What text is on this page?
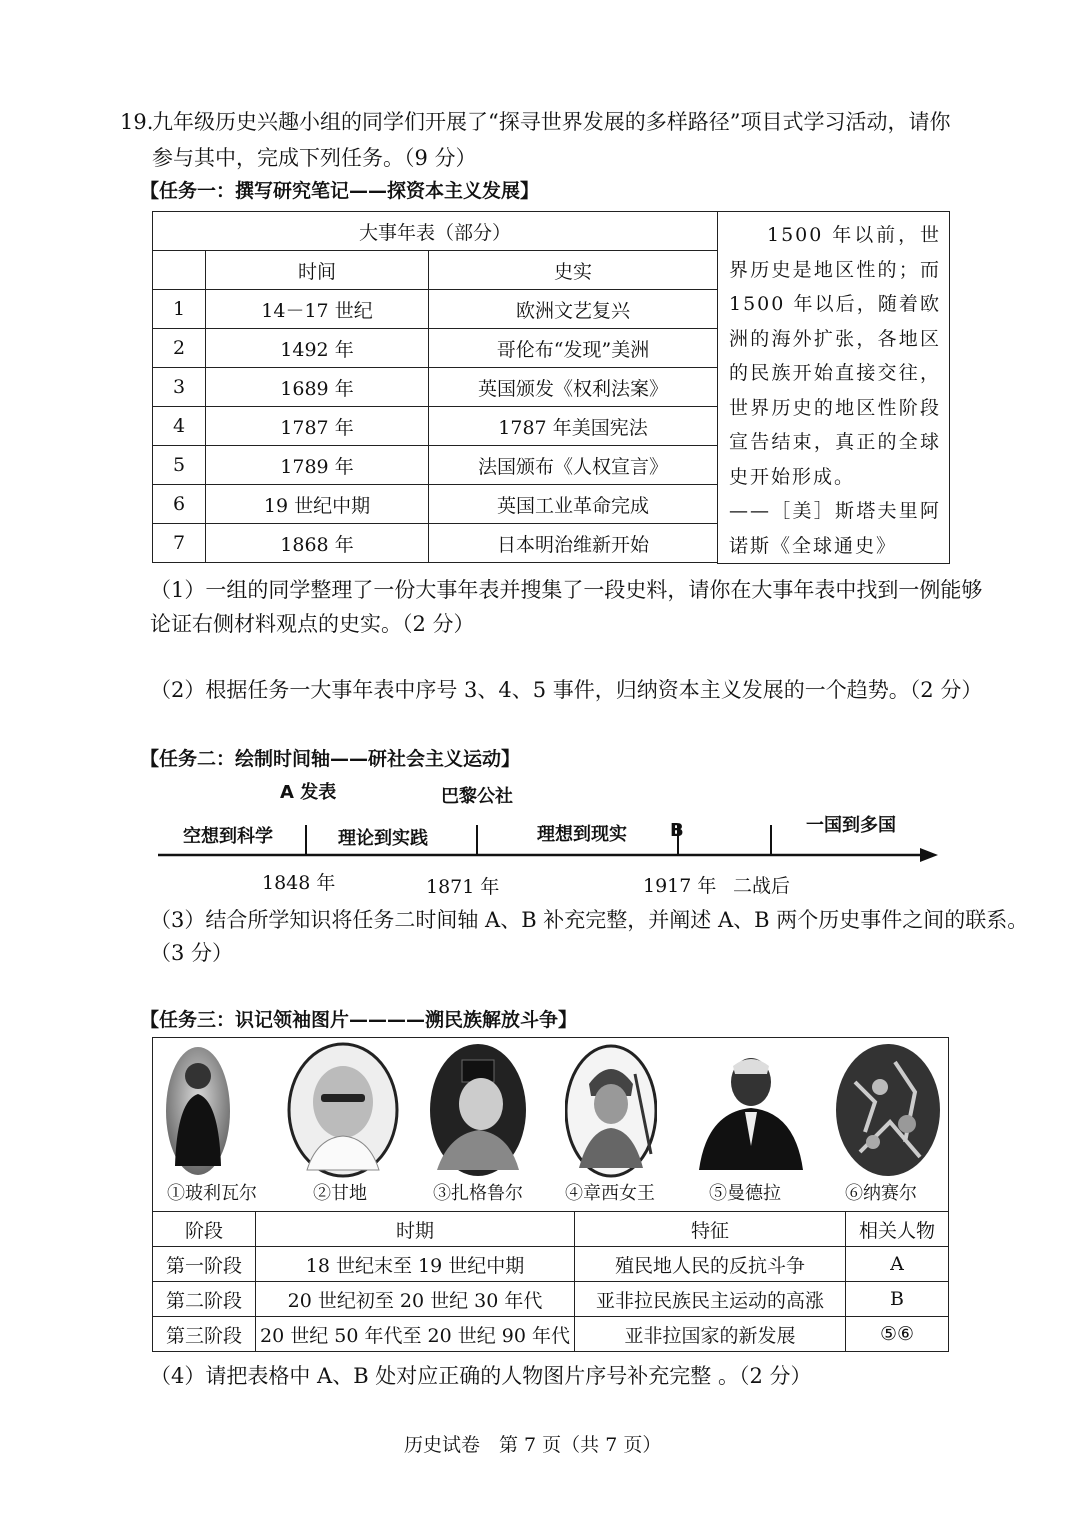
19.
九年级历史兴趣小组的同学们开展了“探寻世界发展的多样路径”项目式学习活动，请你
参与其中，完成下列任务。（9 分）
【任务一：撰写研究笔记——探资本主义发展】
大事年表（部分）		
	时间	史实
1	14－17 世纪	欧洲文艺复兴
2	1492 年	哥伦布“发现”美洲
3	1689 年	英国颁发《权利法案》
4	1787 年	1787 年美国宪法
5	1789 年	法国颁布《人权宣言》
6	19 世纪中期	英国工业革命完成
7	1868 年	日本明治维新开始
1500 年以前，世界历史是地区性的；而 1500 年以后，随着欧洲的海外扩张，各地区的民族开始直接交往，世界历史的地区性阶段宣告结束，真正的全球史开始形成。
——［美］斯塔夫里阿诺斯《全球通史》
（1）一组的同学整理了一份大事年表并搜集了一段史料，请你在大事年表中找到一例能够
论证右侧材料观点的史实。（2 分）
（2）根据任务一大事年表中序号 3、4、5 事件，归纳资本主义发展的一个趋势。（2 分）
【任务二：绘制时间轴——研社会主义运动】
A 发表	巴黎公社
B
空想到科学	理论到实践	理想到现实	一国到多国
1848 年	1871 年	1917 年 二战后
（3）结合所学知识将任务二时间轴 A、B 补充完整，并阐述 A、B 两个历史事件之间的联系。
（3 分）
【任务三：识记领袖图片————溯民族解放斗争】
①玻利瓦尔	②甘地	③扎格鲁尔 ④章西女王	⑤曼德拉	⑥纳赛尔
阶段	时期	特征	相关人物
第一阶段	18 世纪末至 19 世纪中期	殖民地人民的反抗斗争	A
第二阶段	20 世纪初至 20 世纪 30 年代	亚非拉民族民主运动的高涨	B
第三阶段	20 世纪 50 年代至 20 世纪 90 年代	亚非拉国家的新发展	⑤⑥
（4）请把表格中 A、B 处对应正确的人物图片序号补充完整 。（2 分）
历史试卷　第 7 页（共 7 页）
